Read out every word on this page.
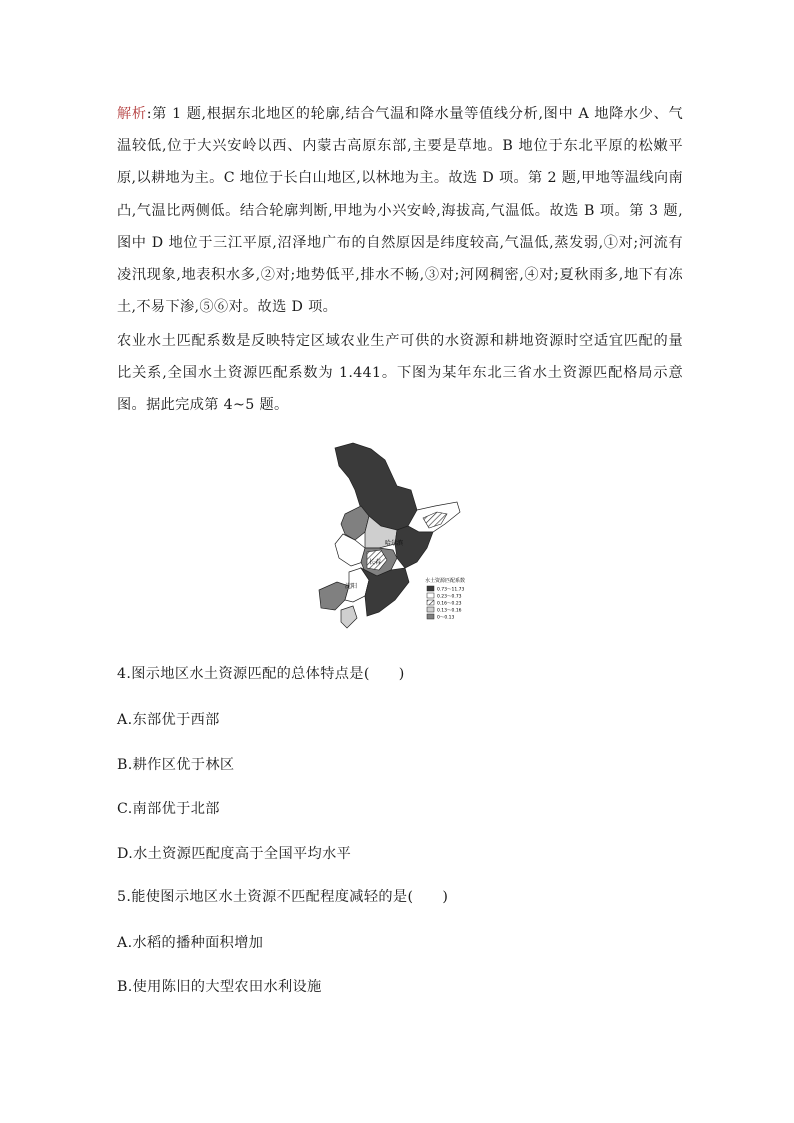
解析:第 1 题,根据东北地区的轮廓,结合气温和降水量等值线分析,图中 A 地降水少、气温较低,位于大兴安岭以西、内蒙古高原东部,主要是草地。B 地位于东北平原的松嫩平原,以耕地为主。C 地位于长白山地区,以林地为主。故选 D 项。第 2 题,甲地等温线向南凸,气温比两侧低。结合轮廓判断,甲地为小兴安岭,海拔高,气温低。故选 B 项。第 3 题,图中 D 地位于三江平原,沼泽地广布的自然原因是纬度较高,气温低,蒸发弱,①对;河流有凌汛现象,地表积水多,②对;地势低平,排水不畅,③对;河网稠密,④对;夏秋雨多,地下有冻土,不易下渗,⑤⑥对。故选 D 项。

农业水土匹配系数是反映特定区域农业生产可供的水资源和耕地资源时空适宜匹配的量比关系,全国水土资源匹配系数为 1.441。下图为某年东北三省水土资源匹配格局示意图。据此完成第 4~5 题。

哈尔滨
长春
沈阳
水土资源匹配系数
0.73～11.73
0.23～0.73
0.16～0.23
0.13～0.16
0～0.13

4.图示地区水土资源匹配的总体特点是(　　)

A.东部优于西部

B.耕作区优于林区

C.南部优于北部

D.水土资源匹配度高于全国平均水平

5.能使图示地区水土资源不匹配程度减轻的是(　　)

A.水稻的播种面积增加

B.使用陈旧的大型农田水利设施
